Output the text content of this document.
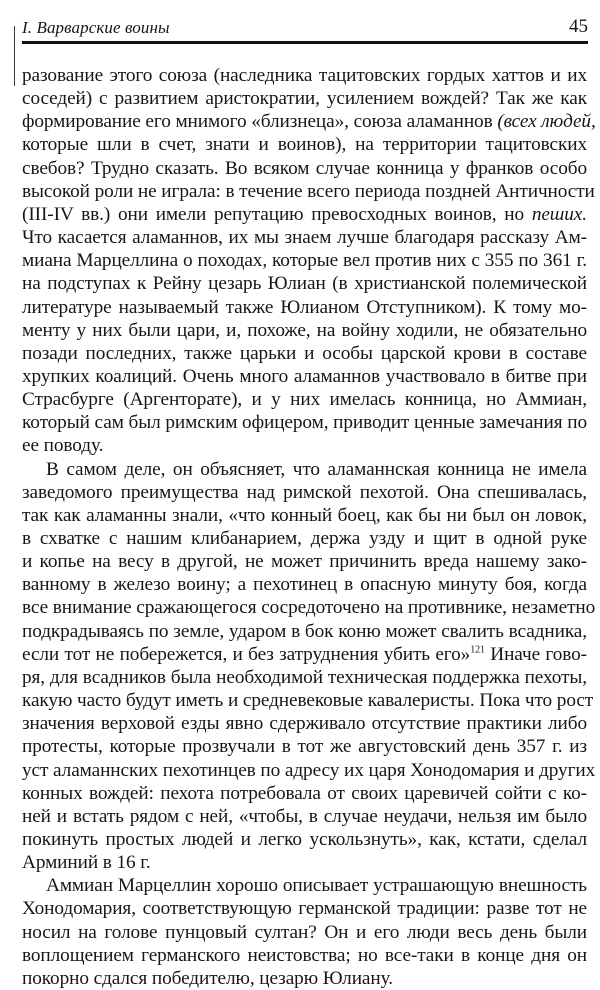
I. Варварские воины	45
разование этого союза (наследника тацитовских гордых хаттов и их
соседей) с развитием аристократии, усилением вождей? Так же как
формирование его мнимого «близнеца», союза аламаннов (всех людей,
которые шли в счет, знати и воинов), на территории тацитовских
свебов? Трудно сказать. Во всяком случае конница у франков особо
высокой роли не играла: в течение всего периода поздней Античности
(III-IV вв.) они имели репутацию превосходных воинов, но пеших.
Что касается аламаннов, их мы знаем лучше благодаря рассказу Ам-
миана Марцеллина о походах, которые вел против них с 355 по 361 г.
на подступах к Рейну цезарь Юлиан (в христианской полемической
литературе называемый также Юлианом Отступником). К тому мо-
менту у них были цари, и, похоже, на войну ходили, не обязательно
позади последних, также царьки и особы царской крови в составе
хрупких коалиций. Очень много аламаннов участвовало в битве при
Страсбурге (Аргенторате), и у них имелась конница, но Аммиан,
который сам был римским офицером, приводит ценные замечания по
ее поводу.
В самом деле, он объясняет, что аламаннская конница не имела
заведомого преимущества над римской пехотой. Она спешивалась,
так как аламанны знали, «что конный боец, как бы ни был он ловок,
в схватке с нашим клибанарием, держа узду и щит в одной руке
и копье на весу в другой, не может причинить вреда нашему зако-
ванному в железо воину; а пехотинец в опасную минуту боя, когда
все внимание сражающегося сосредоточено на противнике, незаметно
подкрадываясь по земле, ударом в бок коню может свалить всадника,
если тот не побережется, и без затруднения убить его»$^{121}$ Иначе гово-
ря, для всадников была необходимой техническая поддержка пехоты,
какую часто будут иметь и средневековые кавалеристы. Пока что рост
значения верховой езды явно сдерживало отсутствие практики либо
протесты, которые прозвучали в тот же августовский день 357 г. из
уст аламаннских пехотинцев по адресу их царя Хонодомария и других
конных вождей: пехота потребовала от своих царевичей сойти с ко-
ней и встать рядом с ней, «чтобы, в случае неудачи, нельзя им было
покинуть простых людей и легко ускользнуть», как, кстати, сделал
Арминий в 16 г.
Аммиан Марцеллин хорошо описывает устрашающую внешность
Хонодомария, соответствующую германской традиции: разве тот не
носил на голове пунцовый султан? Он и его люди весь день были
воплощением германского неистовства; но все-таки в конце дня он
покорно сдался победителю, цезарю Юлиану.
